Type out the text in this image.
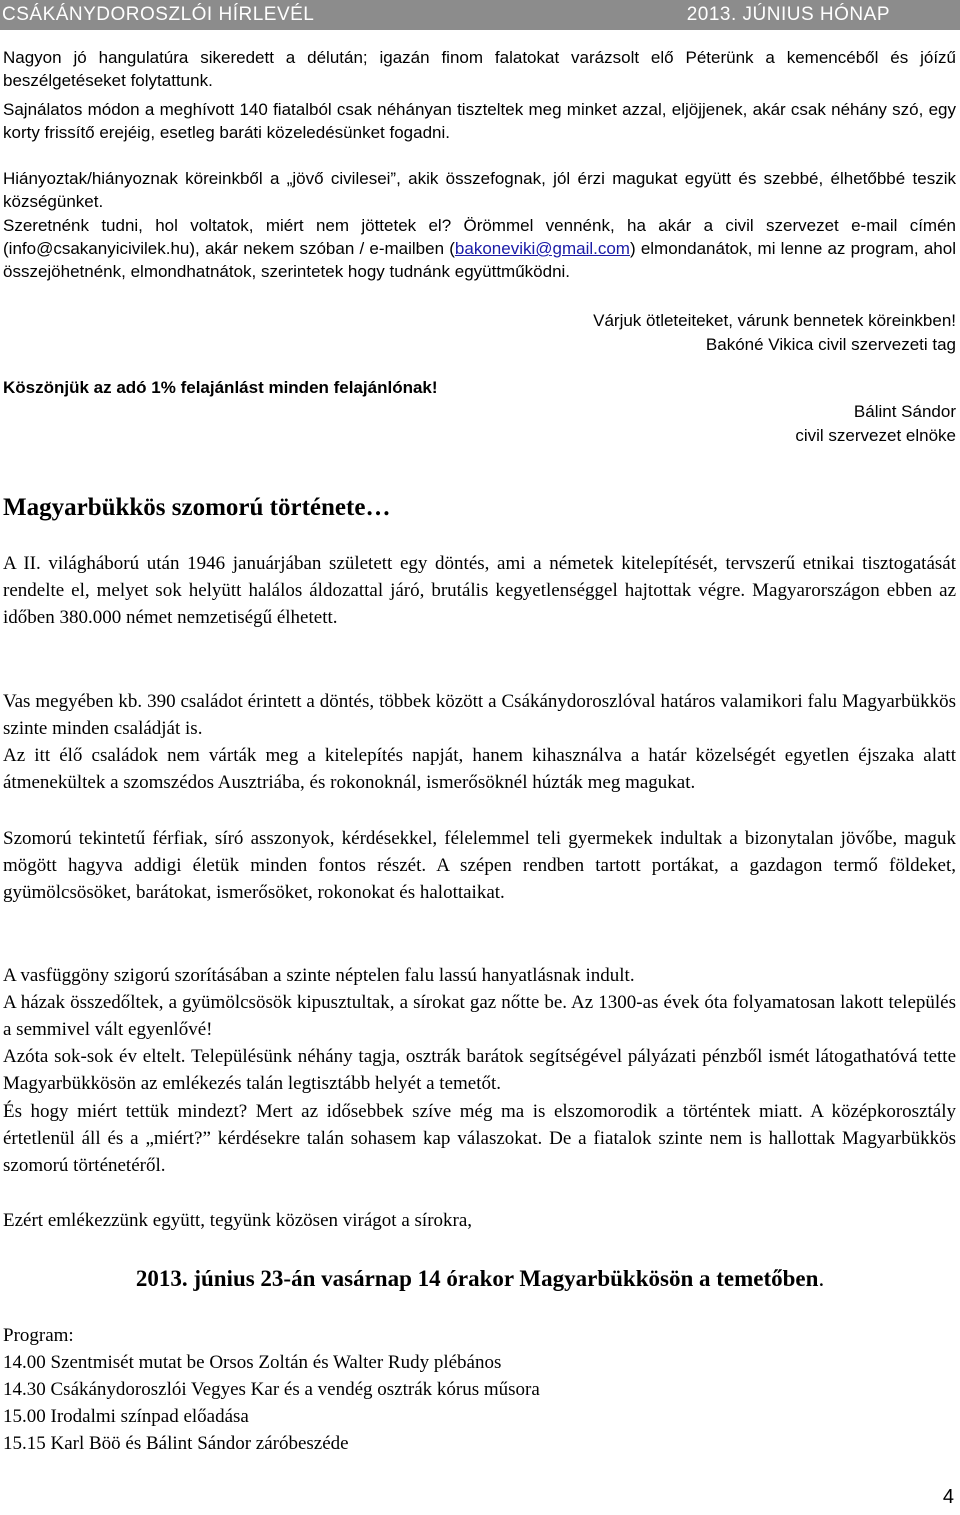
CSÁKÁNYDOROSZLÓI HÍRLEVÉL	2013. JÚNIUS HÓNAP

Nagyon jó hangulatúra sikeredett a délután; igazán finom falatokat varázsolt elő Péterünk a kemencéből és jóízű beszélgetéseket folytattunk.

Sajnálatos módon a meghívott 140 fiatalból csak néhányan tiszteltek meg minket azzal, eljöjjenek, akár csak néhány szó, egy korty frissítő erejéig, esetleg baráti közeledésünket fogadni.

Hiányoztak/hiányoznak köreinkből a „jövő civilesei”, akik összefognak, jól érzi magukat együtt és szebbé, élhetőbbé teszik községünket.

Szeretnénk tudni, hol voltatok, miért nem jöttetek el? Örömmel vennénk, ha akár a civil szervezet e-mail címén (info@csakanyicivilek.hu), akár nekem szóban / e-mailben (bakoneviki@gmail.com) elmondanátok, mi lenne az program, ahol összejöhetnénk, elmondhatnátok, szerintetek hogy tudnánk együttműködni.

Várjuk ötleteiteket, várunk bennetek köreinkben!

Bakóné Vikica civil szervezeti tag

Köszönjük az adó 1% felajánlást minden felajánlónak!

Bálint Sándor

civil szervezet elnöke

Magyarbükkös szomorú története…

A II. világháború után 1946 januárjában született egy döntés, ami a németek kitelepítését, tervszerű etnikai tisztogatását rendelte el, melyet sok helyütt halálos áldozattal járó, brutális kegyetlenséggel hajtottak végre. Magyarországon ebben az időben 380.000 német nemzetiségű élhetett.

Vas megyében kb. 390 családot érintett a döntés, többek között a Csákánydoroszlóval határos valamikori falu Magyarbükkös szinte minden családját is.

Az itt élő családok nem várták meg a kitelepítés napját, hanem kihasználva a határ közelségét egyetlen éjszaka alatt átmenekültek a szomszédos Ausztriába, és rokonoknál, ismerősöknél húzták meg magukat.

Szomorú tekintetű férfiak, síró asszonyok, kérdésekkel, félelemmel teli gyermekek indultak a bizonytalan jövőbe, maguk mögött hagyva addigi életük minden fontos részét. A szépen rendben tartott portákat, a gazdagon termő földeket, gyümölcsösöket, barátokat, ismerősöket, rokonokat és halottaikat.

A vasfüggöny szigorú szorításában a szinte néptelen falu lassú hanyatlásnak indult.

A házak összedőltek, a gyümölcsösök kipusztultak, a sírokat gaz nőtte be. Az 1300-as évek óta folyamatosan lakott település a semmivel vált egyenlővé!

Azóta sok-sok év eltelt. Településünk néhány tagja, osztrák barátok segítségével pályázati pénzből ismét látogathatóvá tette Magyarbükkösön az emlékezés talán legtisztább helyét a temetőt.

És hogy miért tettük mindezt? Mert az idősebbek szíve még ma is elszomorodik a történtek miatt. A középkorosztály értetlenül áll és a „miért?” kérdésekre talán sohasem kap válaszokat. De a fiatalok szinte nem is hallottak Magyarbükkös szomorú történetéről.

Ezért emlékezzünk együtt, tegyünk közösen virágot a sírokra,

2013. június 23-án vasárnap 14 órakor Magyarbükkösön a temetőben.

Program:

14.00 Szentmisét mutat be Orsos Zoltán és Walter Rudy plébános

14.30 Csákánydoroszlói Vegyes Kar és a vendég osztrák kórus műsora

15.00 Irodalmi színpad előadása

15.15 Karl Böö és Bálint Sándor záróbeszéde

4
